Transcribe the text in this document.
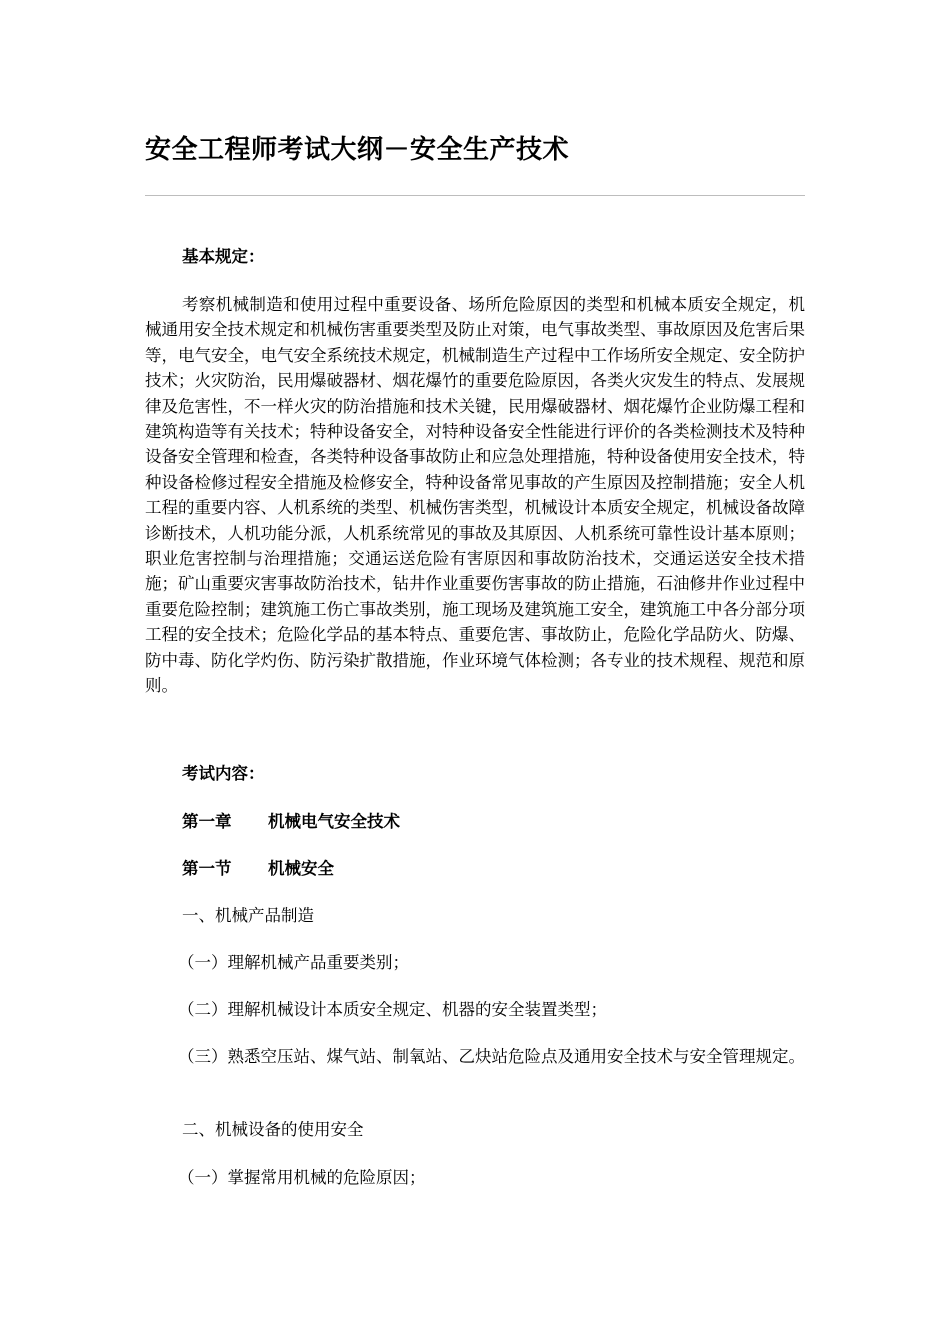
安全工程师考试大纲－安全生产技术

基本规定：

考察机械制造和使用过程中重要设备、场所危险原因的类型和机械本质安全规定，机械通用安全技术规定和机械伤害重要类型及防止对策，电气事故类型、事故原因及危害后果等，电气安全，电气安全系统技术规定，机械制造生产过程中工作场所安全规定、安全防护技术；火灾防治，民用爆破器材、烟花爆竹的重要危险原因，各类火灾发生的特点、发展规律及危害性，不一样火灾的防治措施和技术关键，民用爆破器材、烟花爆竹企业防爆工程和建筑构造等有关技术；特种设备安全，对特种设备安全性能进行评价的各类检测技术及特种设备安全管理和检查，各类特种设备事故防止和应急处理措施，特种设备使用安全技术，特种设备检修过程安全措施及检修安全，特种设备常见事故的产生原因及控制措施；安全人机工程的重要内容、人机系统的类型、机械伤害类型，机械设计本质安全规定，机械设备故障诊断技术，人机功能分派，人机系统常见的事故及其原因、人机系统可靠性设计基本原则；职业危害控制与治理措施；交通运送危险有害原因和事故防治技术，交通运送安全技术措施；矿山重要灾害事故防治技术，钻井作业重要伤害事故的防止措施，石油修井作业过程中重要危险控制；建筑施工伤亡事故类别，施工现场及建筑施工安全，建筑施工中各分部分项工程的安全技术；危险化学品的基本特点、重要危害、事故防止，危险化学品防火、防爆、防中毒、防化学灼伤、防污染扩散措施，作业环境气体检测；各专业的技术规程、规范和原则。

考试内容：

第一章 机械电气安全技术

第一节 机械安全

一、机械产品制造

（一）理解机械产品重要类别；

（二）理解机械设计本质安全规定、机器的安全装置类型；

（三）熟悉空压站、煤气站、制氧站、乙炔站危险点及通用安全技术与安全管理规定。

二、机械设备的使用安全

（一）掌握常用机械的危险原因；
